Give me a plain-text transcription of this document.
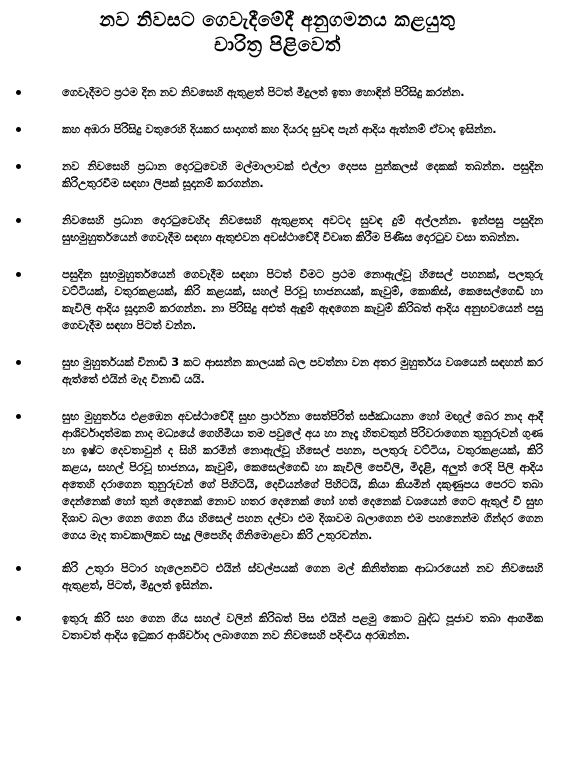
නව නිවසට ගෙවැදීමේදී අනුගමනය කළයුතු
චාරිත්‍ර පිළිවෙත්
ගෙවැදීමට ප්‍රථම දින නව නිවසෙහි ඇතුළත් පිටත් මිදුලත් ඉතා හොඳින් පිරිසිදු කරන්න.
කහ අඹරා පිරිසිදු වතුරෙහි දියකර සාදාගත් කහ දියරද සුවඳ පැන් ආදිය ඇත්නම් ඒවාද ඉසින්න.
නව නිවසෙහි ප්‍රධාන දොරටුවෙහි මල්මාලාවක් එල්ලා දෙපස පුන්කලස් දෙකක් තබන්න. පසුදින කිරිඋතුරවීම සඳහා ලිපක් සූදානම් කරගන්න.
නිවසෙහි ප්‍රධාන දොරටුවෙහිද නිවසෙහි ඇතුළතද අවටද සුවඳ දුම් අල්ලන්න. ඉන්පසු පසුදින සුභමුහුර්තයෙන් ගෙවැදීම සඳහා ඇතුළුවන අවස්ථාවේදී විවෘත කිරීම පිණිස දොරටුව වසා තබන්න.
පසුදින සුභමුහුර්තයෙන් ගෙවැදීම සඳහා පිටත් වීමට ප්‍රථම නොඇල්වූ හිසෙල් පහනක්, පලතුරු වට්ටියක්, වතුරකළයක්, කිරි කළයක්, සහල් පිරවූ භාජනයක්, කැවුම්, කොකිස්, කෙසෙල්ගෙඩි හා කැවිලි ආදිය සූදානම් කරගන්න. නා පිරිසිදු අළුත් ඇඳුම් ඇඳගෙන කැවුම් කිරිබත් ආදිය අනුභවයෙන් පසු ගෙවැදීම සඳහා පිටත් වන්න.
සුභ මුහුර්තයක් විනාඩි 3 කට ආසන්න කාලයක් බල පවත්නා වන අතර මුහුර්තය වශයෙන් සඳහන් කර ඇත්තේ එයින් මැද විනාඩි යයි.
සුභ මුහුර්තය එළඹෙන අවස්ථාවේදී සුභ ප්‍රාර්ථනා සෙත්පිරිත් සජ්ඣායනා හෝ මඟුල් බෙර නාද ආදී ආශිර්වාදාත්මක නාද මධ්‍යයේ ගෙහිමියා තම පවුලේ අය හා නෑදෑ හිතවතුන් පිරිවරාගෙන තුනුරුවන් ගුණ හා ඉෂ්ට දෙවතාවුන් ද සිහි කරමින් නොඇල්වූ හිසෙල් පහන, පලතුරු වට්ටිය, වතුරකළයක්, කිරි කළය, සහල් පිරවූ භාජනය, කැවුම්, කෙසෙල්ගෙඩි හා කැවිලි පෙවිලි, මිදැළි, අලුත් රෙදි පිලි ආදිය අතෙහි දරාගෙන තුනුරුවන් ගේ පිහිටයි, දෙවියන්ගේ පිහිටයි, කියා කියමින් දකුණුපය පෙරට තබා දෙන්නෙක් හෝ තුන් දෙනෙක් නොව හතර දෙනෙක් හෝ හත් දෙනෙක් වශයෙන් ගෙට ඇතුල් වී සුභ දිශාව බලා ගෙන ගෙන ගිය හිසෙල් පහන දල්වා එම දිශාවම බලාගෙන එම පහනෙන්ම ගින්දර ගෙන ගෙය මැද තාවකාලිකව සෑදූ ලිපෙහිද ගිනිමොළවා කිරි උතුරවන්න.
කිරි උතුරා පිටාර හැලෙනවිට එයින් ස්වල්පයක් ගෙන මල් කිනිත්තක ආධාරයෙන් නව නිවසෙහි ඇතුළත්, පිටත්, මිදුලත් ඉසින්න.
ඉතුරු කිරි සහ ගෙන ගිය සහල් වලින් කිරිබත් පිස එයින් පළමු කොට බුද්ධ පූජාව තබා ආගමික වතාවත් ආදිය ඉටුකර ආශිර්වාද ලබාගෙන නව නිවසෙහි පදිංචිය අරඹන්න.
